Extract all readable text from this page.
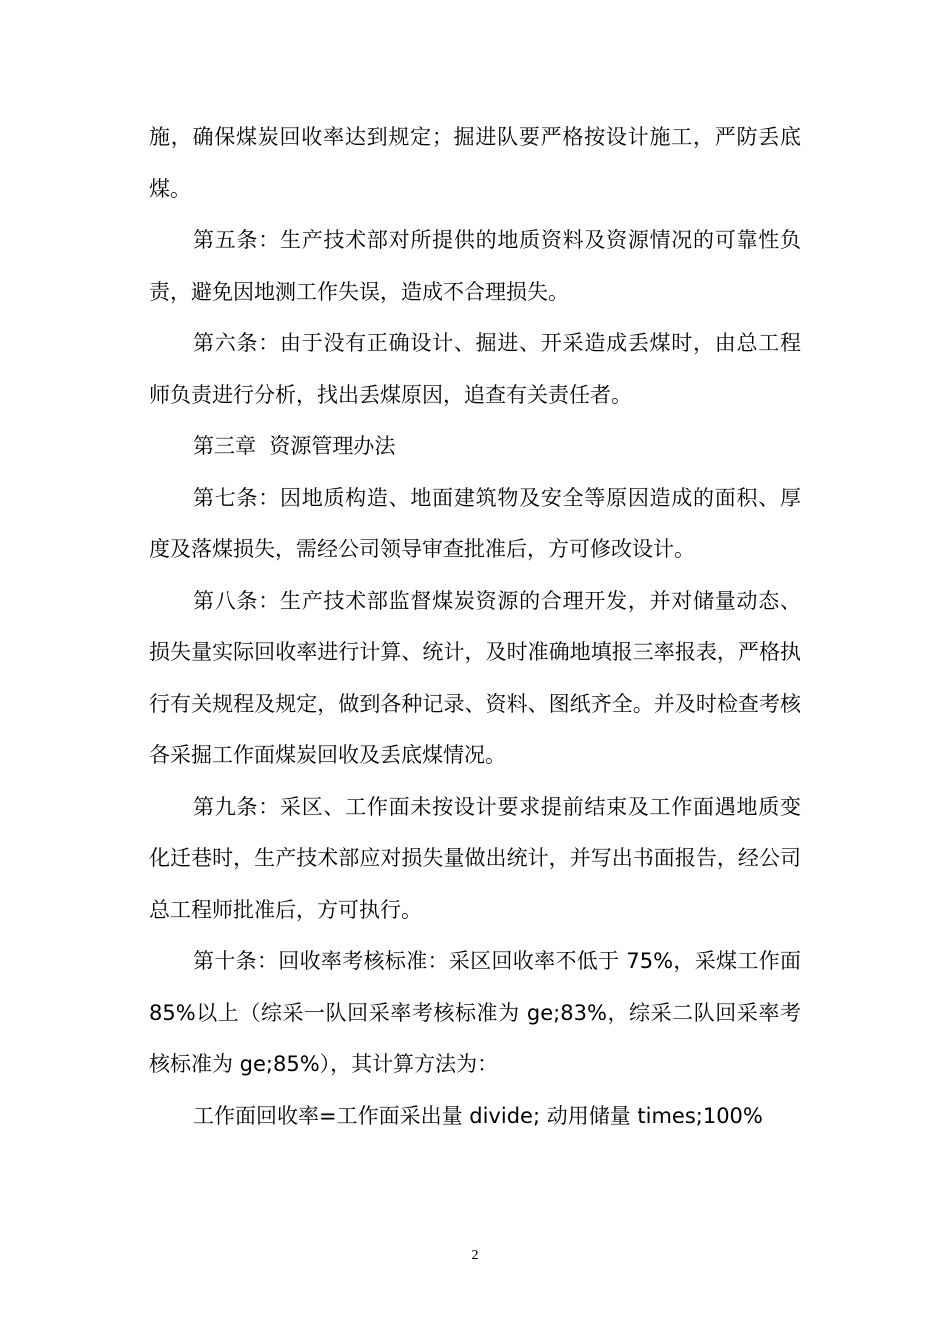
施，确保煤炭回收率达到规定；掘进队要严格按设计施工，严防丢底煤。

第五条：生产技术部对所提供的地质资料及资源情况的可靠性负责，避免因地测工作失误，造成不合理损失。

第六条：由于没有正确设计、掘进、开采造成丢煤时，由总工程师负责进行分析，找出丢煤原因，追查有关责任者。

第三章  资源管理办法

第七条：因地质构造、地面建筑物及安全等原因造成的面积、厚度及落煤损失，需经公司领导审查批准后，方可修改设计。

第八条：生产技术部监督煤炭资源的合理开发，并对储量动态、损失量实际回收率进行计算、统计，及时准确地填报三率报表，严格执行有关规程及规定，做到各种记录、资料、图纸齐全。并及时检查考核各采掘工作面煤炭回收及丢底煤情况。

第九条：采区、工作面未按设计要求提前结束及工作面遇地质变化迁巷时，生产技术部应对损失量做出统计，并写出书面报告，经公司总工程师批准后，方可执行。

第十条：回收率考核标准：采区回收率不低于 75%，采煤工作面 85%以上（综采一队回采率考核标准为 ge;83%，综采二队回采率考核标准为 ge;85%），其计算方法为：

工作面回收率=工作面采出量 divide; 动用储量 times;100%

2
